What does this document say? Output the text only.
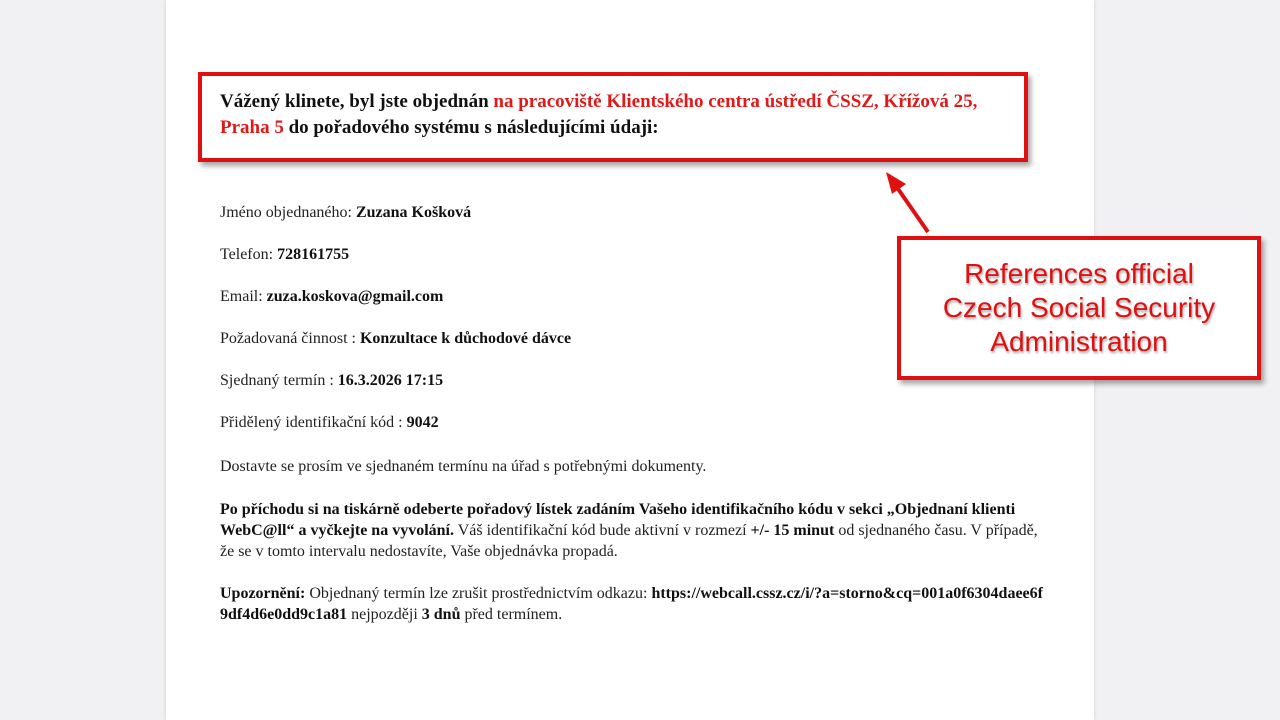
Vážený klinete, byl jste objednán na pracoviště Klientského centra ústředí ČSSZ, Křížová 25, Praha 5 do pořadového systému s následujícími údaji:
Jméno objednaného: Zuzana Košková
Telefon: 728161755
Email: zuza.koskova@gmail.com
Požadovaná činnost : Konzultace k důchodové dávce
Sjednaný termín : 16.3.2026 17:15
Přidělený identifikační kód : 9042
Dostavte se prosím ve sjednaném termínu na úřad s potřebnými dokumenty.
Po příchodu si na tiskárně odeberte pořadový lístek zadáním Vašeho identifikačního kódu v sekci „Objednaní klienti WebC@ll“ a vyčkejte na vyvolání. Váš identifikační kód bude aktivní v rozmezí +/- 15 minut od sjednaného času. V případě, že se v tomto intervalu nedostavíte, Vaše objednávka propadá.
Upozornění: Objednaný termín lze zrušit prostřednictvím odkazu: https://webcall.cssz.cz/i/?a=storno&cq=001a0f6304daee6f9df4d6e0dd9c1a81 nejpozději 3 dnů před termínem.
References official
Czech Social Security
Administration
